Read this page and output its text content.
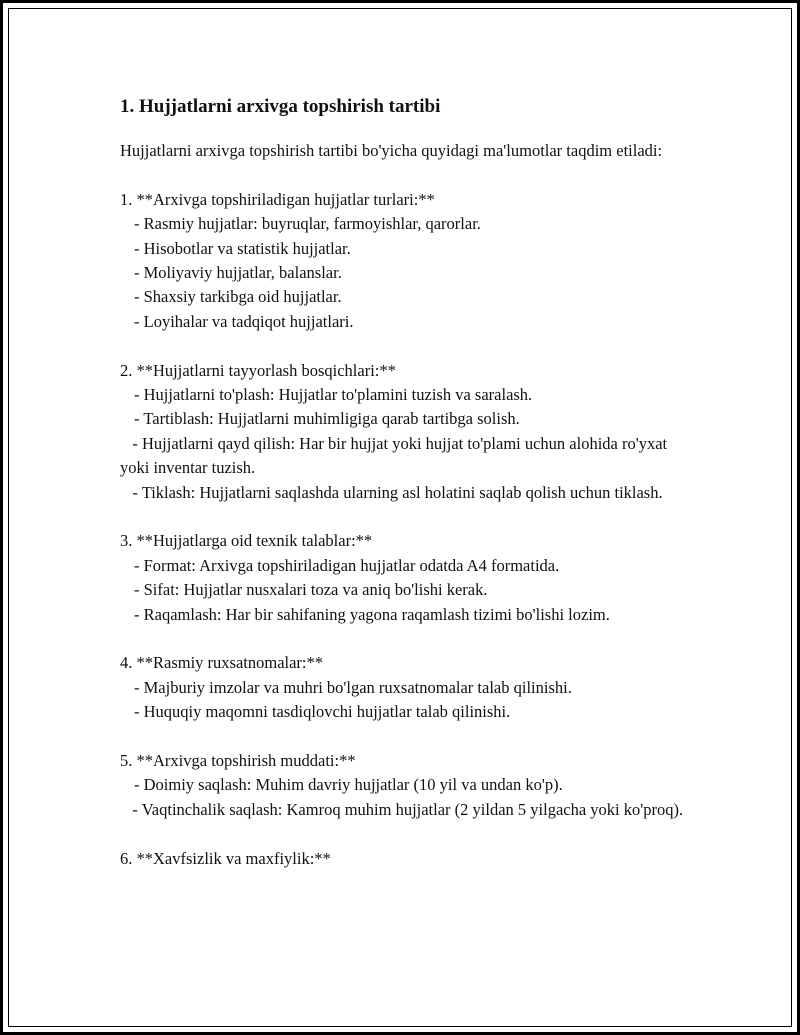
1. Hujjatlarni arxivga topshirish tartibi

Hujjatlarni arxivga topshirish tartibi bo'yicha quyidagi ma'lumotlar taqdim etiladi:

1. **Arxivga topshiriladigan hujjatlar turlari:**

- Rasmiy hujjatlar: buyruqlar, farmoyishlar, qarorlar.

- Hisobotlar va statistik hujjatlar.

- Moliyaviy hujjatlar, balanslar.

- Shaxsiy tarkibga oid hujjatlar.

- Loyihalar va tadqiqot hujjatlari.

2. **Hujjatlarni tayyorlash bosqichlari:**

- Hujjatlarni to'plash: Hujjatlar to'plamini tuzish va saralash.

- Tartiblash: Hujjatlarni muhimligiga qarab tartibga solish.

- Hujjatlarni qayd qilish: Har bir hujjat yoki hujjat to'plami uchun alohida ro'yxat yoki inventar tuzish.

- Tiklash: Hujjatlarni saqlashda ularning asl holatini saqlab qolish uchun tiklash.

3. **Hujjatlarga oid texnik talablar:**

- Format: Arxivga topshiriladigan hujjatlar odatda A4 formatida.

- Sifat: Hujjatlar nusxalari toza va aniq bo'lishi kerak.

- Raqamlash: Har bir sahifaning yagona raqamlash tizimi bo'lishi lozim.

4. **Rasmiy ruxsatnomalar:**

- Majburiy imzolar va muhri bo'lgan ruxsatnomalar talab qilinishi.

- Huquqiy maqomni tasdiqlovchi hujjatlar talab qilinishi.

5. **Arxivga topshirish muddati:**

- Doimiy saqlash: Muhim davriy hujjatlar (10 yil va undan ko'p).

- Vaqtinchalik saqlash: Kamroq muhim hujjatlar (2 yildan 5 yilgacha yoki ko'proq).

6. **Xavfsizlik va maxfiylik:**
